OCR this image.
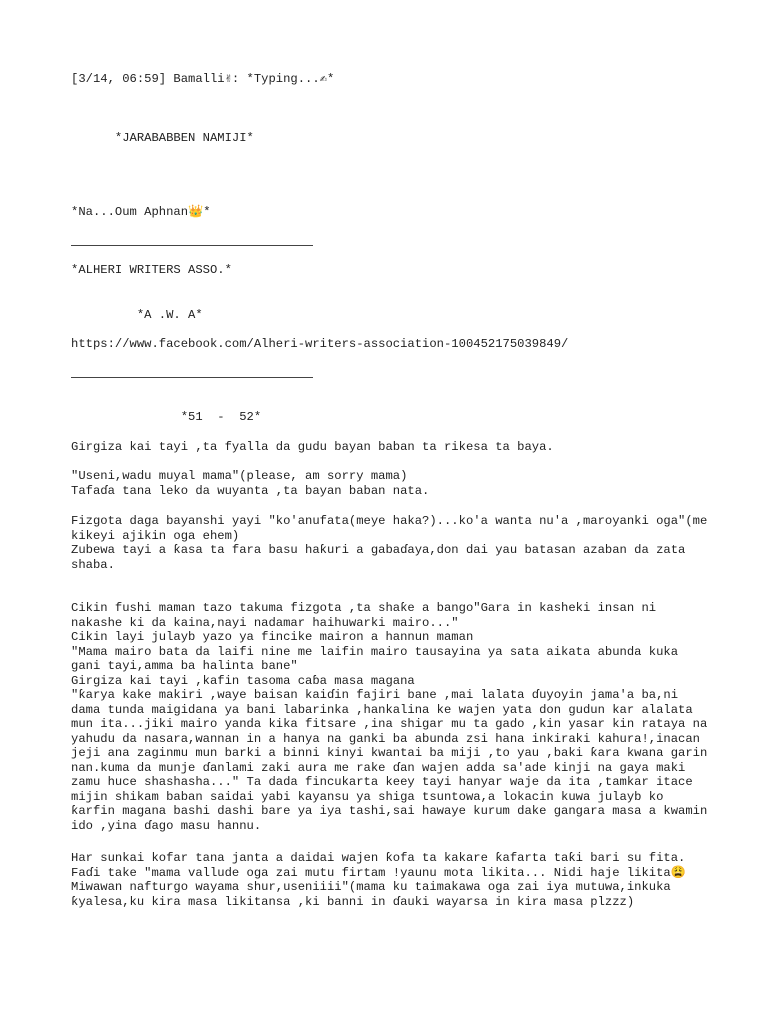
[3/14, 06:59] Bamalli✌: *Typing...✍*
*JARABABBEN NAMIJI*
*Na...Oum Aphnan👑*
*ALHERI WRITERS ASSO.*
*A .W. A*
https://www.facebook.com/Alheri-writers-association-100452175039849/
*51  -  52*
Girgiza kai tayi ,ta fyalla da gudu bayan baban ta rikesa ta baya.
"Useni,wadu muyal mama"(please, am sorry mama)
Tafaɗa tana leko da wuyanta ,ta bayan baban nata.
Fizgota daga bayanshi yayi "ko'anufata(meye haka?)...ko'a wanta nu'a ,maroyanki oga"(me kikeyi ajikin oga ehem)
Zubewa tayi a ƙasa ta fara basu haƙuri a gabaɗaya,don dai yau batasan azaban da zata shaba.
Cikin fushi maman tazo takuma fizgota ,ta shaƙe a bango"Gara in kasheki insan ni nakashe ki da kaina,nayi nadamar haihuwarki mairo..."
Cikin layi julayb yazo ya fincike mairon a hannun maman
"Mama mairo bata da laifi nine me laifin mairo tausayina ya sata aikata abunda kuka gani tayi,amma ba halinta bane"
Girgiza kai tayi ,kafin tasoma caɓa masa magana
"ƙarya kake makiri ,waye baisan kaiɗin fajiri bane ,mai lalata ɗuyoyin jama'a ba,ni dama tunda maigidana ya bani labarinka ,hankalina ke wajen yata don gudun kar alalata mun ita...jiki mairo yanda kika fitsare ,ina shigar mu ta gado ,kin yasar kin rataya na yahudu da nasara,wannan in a hanya na ganki ba abunda zsi hana inkiraki kahura!,inacan jeji ana zaginmu mun barki a binni kinyi kwantai ba miji ,to yau ,baki ƙara kwana garin nan.kuma da munje ɗanlami zaki aura me rake ɗan wajen adda sa'ade kinji na gaya maki zamu huce shashasha..." Ta dada fincukarta keey tayi hanyar waje da ita ,tamkar itace mijin shikam baban saidai yabi kayansu ya shiga tsuntowa,a lokacin kuwa julayb ko ƙarfin magana bashi dashi bare ya iya tashi,sai hawaye kurum dake gangara masa a kwamin ido ,yina ɗago masu hannu.
Har sunkai kofar tana janta a daidai wajen ƙofa ta kakare ƙafarta taƙi bari su fita.
Faɗi take "mama vallude oga zai mutu firtam !yaunu mota likita... Nidi haje likita😩 Miwawan nafturgo wayama shur,useniiii"(mama ku taimakawa oga zai iya mutuwa,inkuka ƙyalesa,ku kira masa likitansa ,ki banni in ɗauki wayarsa in kira masa plzzz)
